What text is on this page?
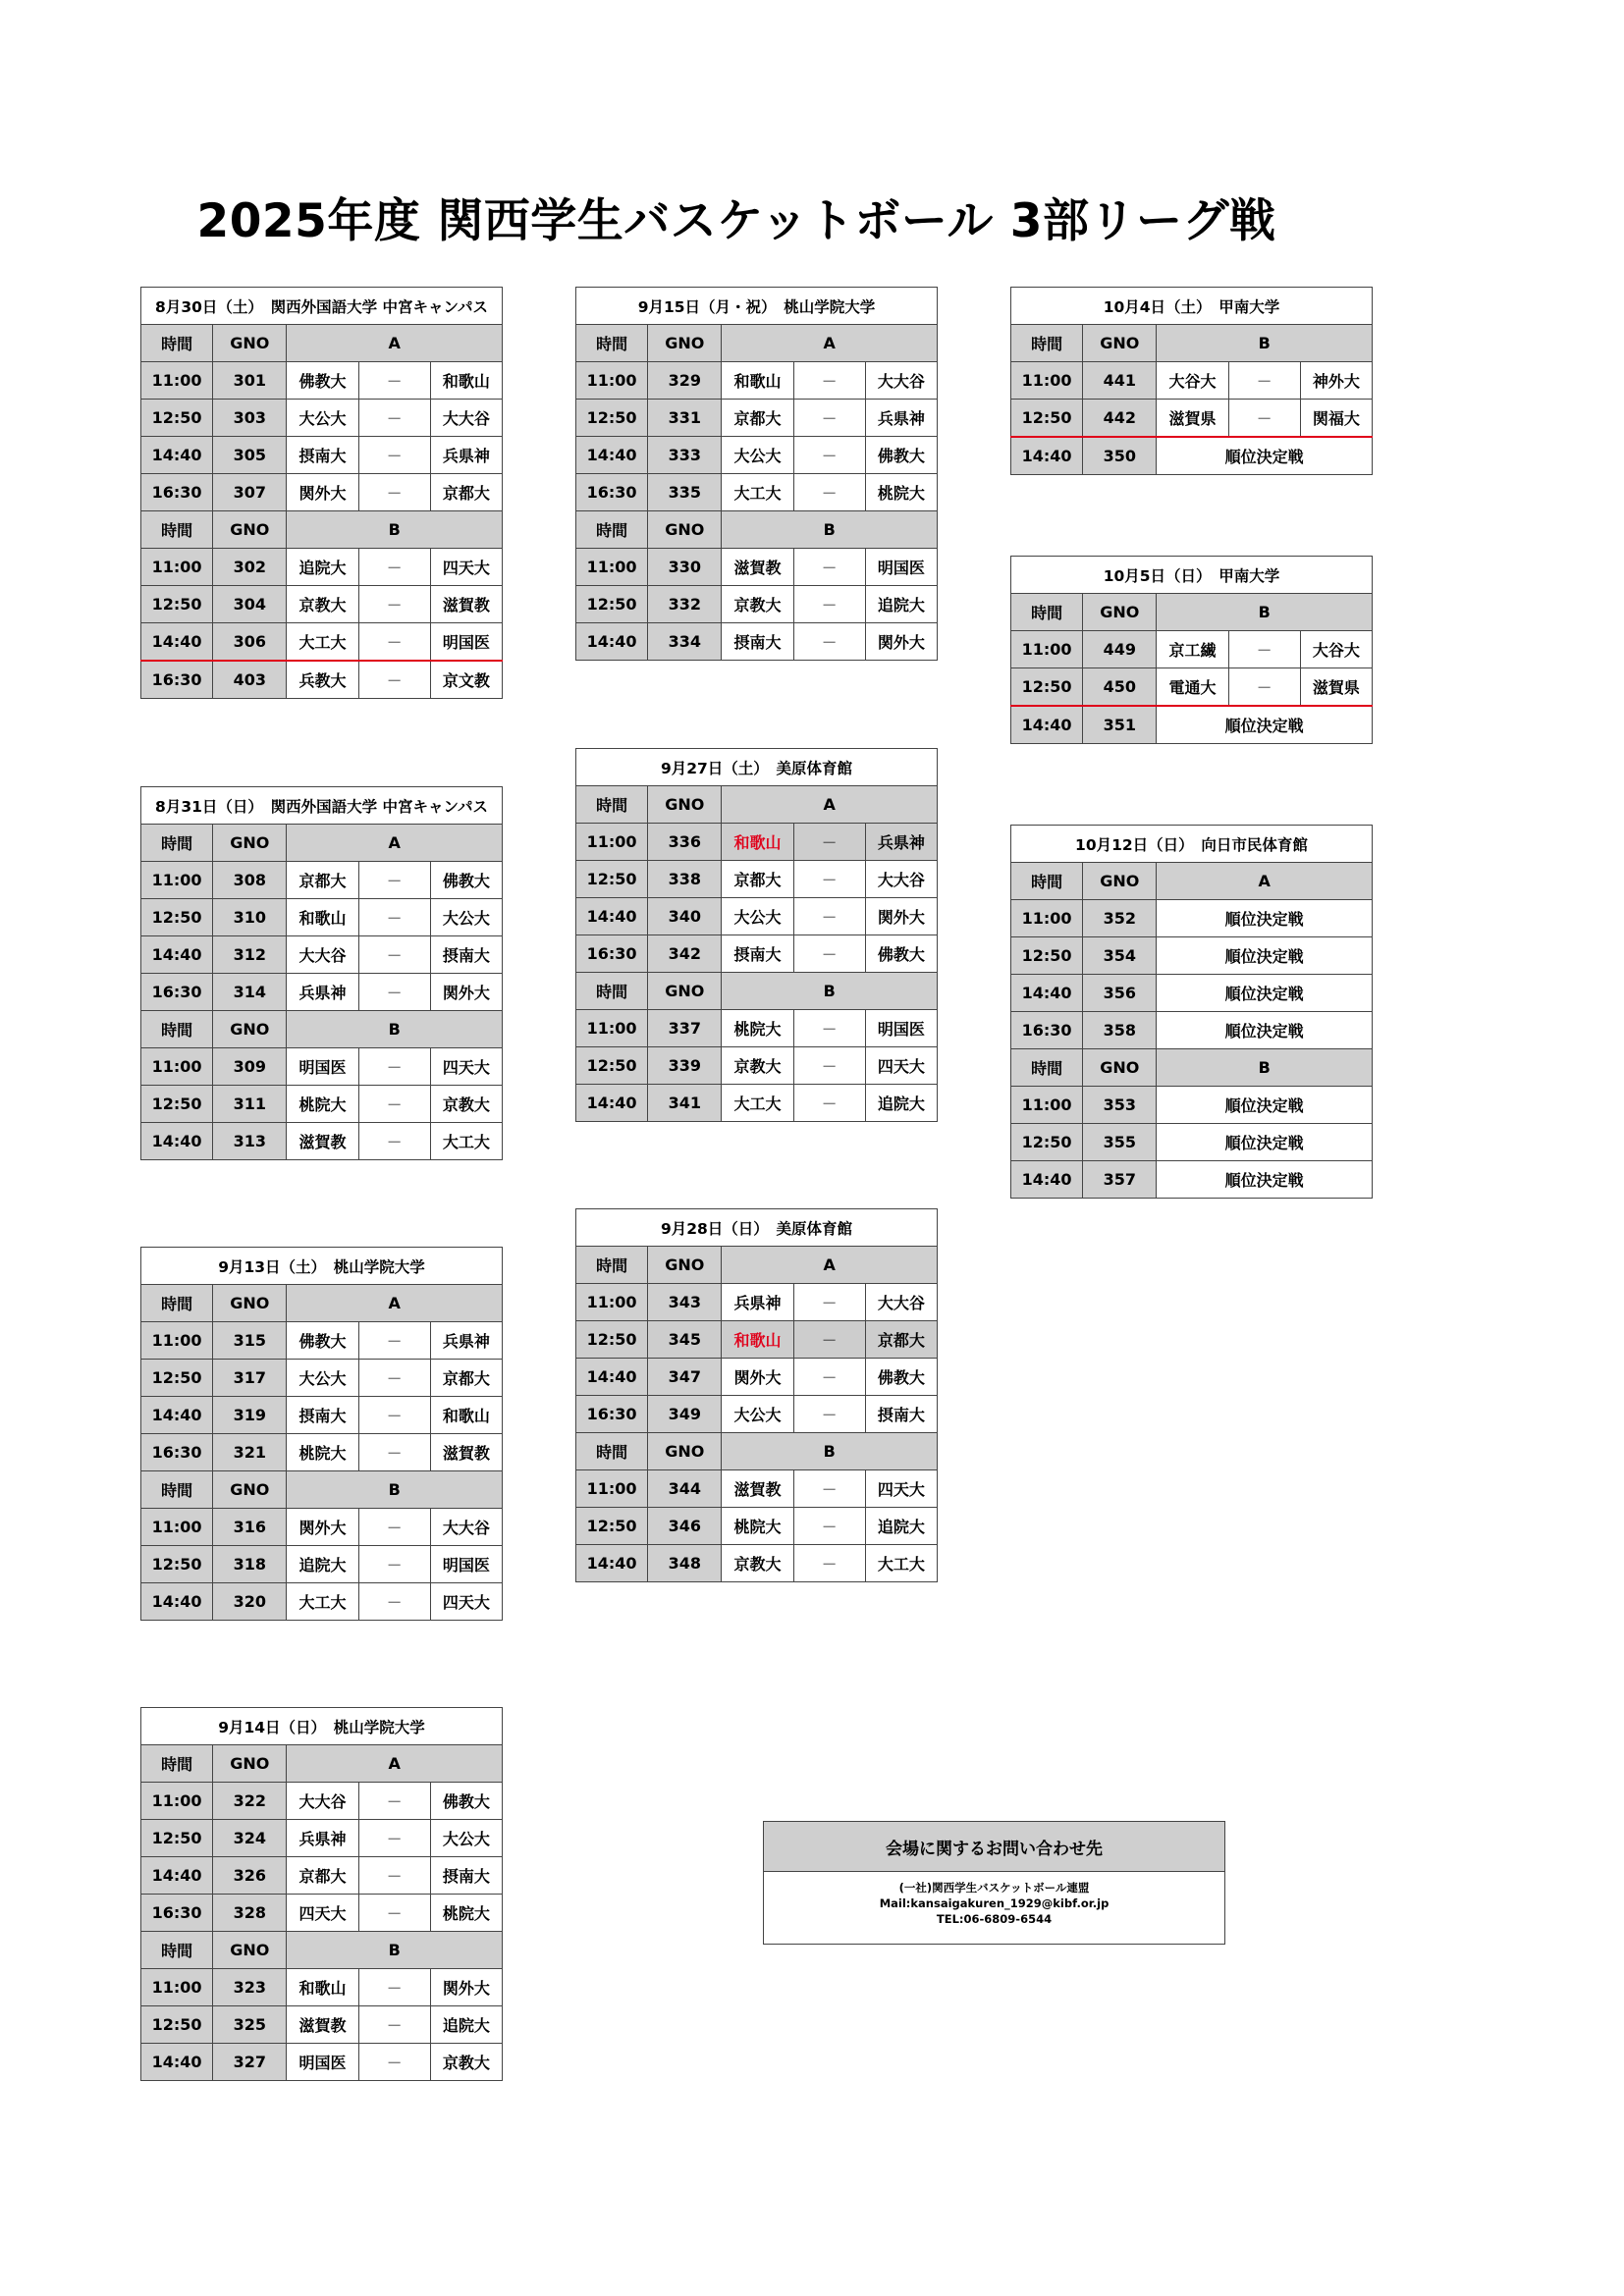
2025年度 関西学生バスケットボール 3部リーグ戦
8月30日（土）　関西外国語大学 中宮キャンパス				
時間	GNO	A		
11:00	301	佛教大	－	和歌山
12:50	303	大公大	－	大大谷
14:40	305	摂南大	－	兵県神
16:30	307	関外大	－	京都大
時間	GNO	B		
11:00	302	追院大	－	四天大
12:50	304	京教大	－	滋賀教
14:40	306	大工大	－	明国医
16:30	403	兵教大	－	京文教
8月31日（日）　関西外国語大学 中宮キャンパス				
時間	GNO	A		
11:00	308	京都大	－	佛教大
12:50	310	和歌山	－	大公大
14:40	312	大大谷	－	摂南大
16:30	314	兵県神	－	関外大
時間	GNO	B		
11:00	309	明国医	－	四天大
12:50	311	桃院大	－	京教大
14:40	313	滋賀教	－	大工大
9月13日（土）　桃山学院大学				
時間	GNO	A		
11:00	315	佛教大	－	兵県神
12:50	317	大公大	－	京都大
14:40	319	摂南大	－	和歌山
16:30	321	桃院大	－	滋賀教
時間	GNO	B		
11:00	316	関外大	－	大大谷
12:50	318	追院大	－	明国医
14:40	320	大工大	－	四天大
9月14日（日）　桃山学院大学				
時間	GNO	A		
11:00	322	大大谷	－	佛教大
12:50	324	兵県神	－	大公大
14:40	326	京都大	－	摂南大
16:30	328	四天大	－	桃院大
時間	GNO	B		
11:00	323	和歌山	－	関外大
12:50	325	滋賀教	－	追院大
14:40	327	明国医	－	京教大
9月15日（月・祝）　桃山学院大学				
時間	GNO	A		
11:00	329	和歌山	－	大大谷
12:50	331	京都大	－	兵県神
14:40	333	大公大	－	佛教大
16:30	335	大工大	－	桃院大
時間	GNO	B		
11:00	330	滋賀教	－	明国医
12:50	332	京教大	－	追院大
14:40	334	摂南大	－	関外大
9月27日（土）　美原体育館				
時間	GNO	A		
11:00	336	和歌山	－	兵県神
12:50	338	京都大	－	大大谷
14:40	340	大公大	－	関外大
16:30	342	摂南大	－	佛教大
時間	GNO	B		
11:00	337	桃院大	－	明国医
12:50	339	京教大	－	四天大
14:40	341	大工大	－	追院大
9月28日（日）　美原体育館				
時間	GNO	A		
11:00	343	兵県神	－	大大谷
12:50	345	和歌山	－	京都大
14:40	347	関外大	－	佛教大
16:30	349	大公大	－	摂南大
時間	GNO	B		
11:00	344	滋賀教	－	四天大
12:50	346	桃院大	－	追院大
14:40	348	京教大	－	大工大
10月4日（土）　甲南大学				
時間	GNO	B		
11:00	441	大谷大	－	神外大
12:50	442	滋賀県	－	関福大
14:40	350	順位決定戦		
10月5日（日）　甲南大学				
時間	GNO	B		
11:00	449	京工繊	－	大谷大
12:50	450	電通大	－	滋賀県
14:40	351	順位決定戦		
10月12日（日）　向日市民体育館		
時間	GNO	A
11:00	352	順位決定戦
12:50	354	順位決定戦
14:40	356	順位決定戦
16:30	358	順位決定戦
時間	GNO	B
11:00	353	順位決定戦
12:50	355	順位決定戦
14:40	357	順位決定戦
会場に関するお問い合わせ先
(一社)関西学生バスケットボール連盟
Mail:kansaigakuren_1929@kibf.or.jp
TEL:06-6809-6544
